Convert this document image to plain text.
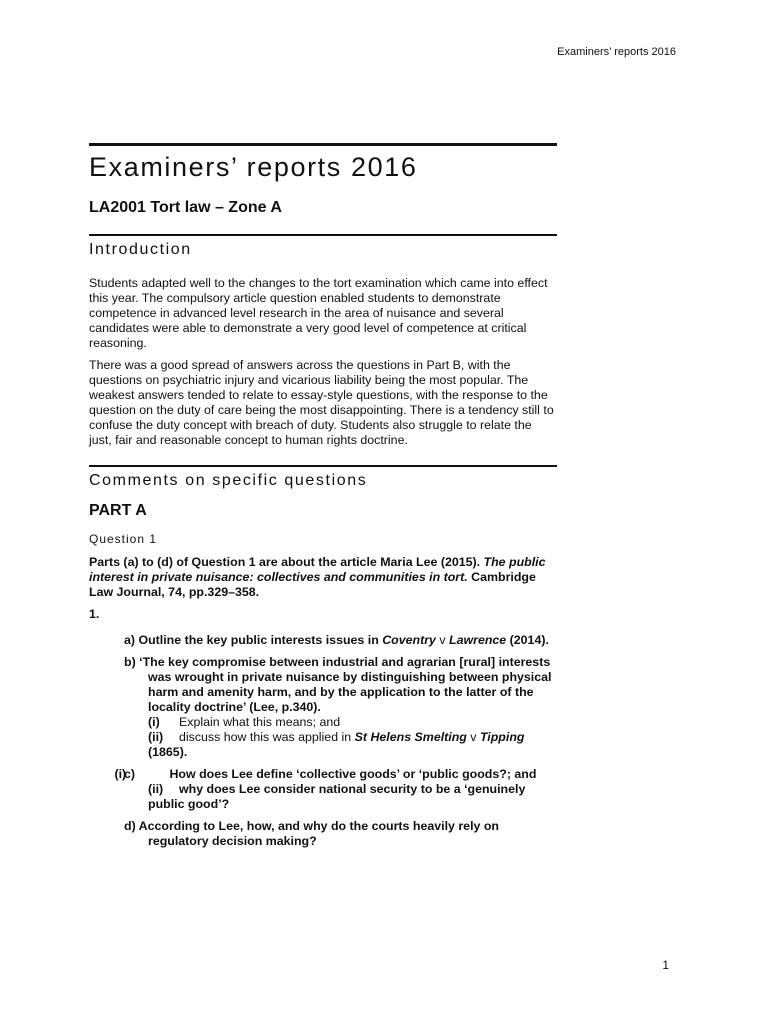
Examiners’ reports 2016
Examiners’ reports 2016
LA2001 Tort law – Zone A
Introduction

Students adapted well to the changes to the tort examination which came into effect this year. The compulsory article question enabled students to demonstrate competence in advanced level research in the area of nuisance and several candidates were able to demonstrate a very good level of competence at critical reasoning.

There was a good spread of answers across the questions in Part B, with the questions on psychiatric injury and vicarious liability being the most popular. The weakest answers tended to relate to essay-style questions, with the response to the question on the duty of care being the most disappointing. There is a tendency still to confuse the duty concept with breach of duty. Students also struggle to relate the just, fair and reasonable concept to human rights doctrine.

Comments on specific questions
PART A

Question 1

Parts (a) to (d) of Question 1 are about the article Maria Lee (2015). The public interest in private nuisance: collectives and communities in tort. Cambridge Law Journal, 74, pp.329–358.

1.

a) Outline the key public interests issues in Coventry v Lawrence (2014).

b) ‘The key compromise between industrial and agrarian [rural] interests was wrought in private nuisance by distinguishing between physical harm and amenity harm, and by the application to the latter of the locality doctrine’ (Lee, p.340).
(i) Explain what this means; and
(ii) discuss how this was applied in St Helens Smelting v Tipping
(1865).

c) (i)	How does Lee define ‘collective goods’ or ‘public goods?; and
(ii) why does Lee consider national security to be a ‘genuinely public good’?

d) According to Lee, how, and why do the courts heavily rely on regulatory decision making?

1
